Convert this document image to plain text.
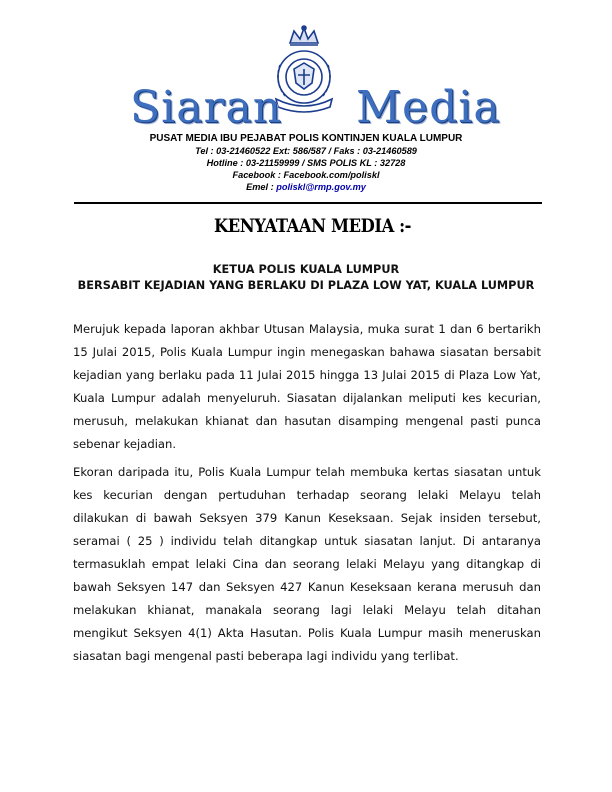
Siaran Media
PUSAT MEDIA IBU PEJABAT POLIS KONTINJEN KUALA LUMPUR
Tel : 03-21460522 Ext: 586/587 / Faks : 03-21460589
Hotline : 03-21159999 / SMS POLIS KL : 32728
Facebook : Facebook.com/poliskl
Emel : poliskl@rmp.gov.my
KENYATAAN MEDIA :-
KETUA POLIS KUALA LUMPUR
BERSABIT KEJADIAN YANG BERLAKU DI PLAZA LOW YAT, KUALA LUMPUR
Merujuk kepada laporan akhbar Utusan Malaysia, muka surat 1 dan 6 bertarikh 15 Julai 2015, Polis Kuala Lumpur ingin menegaskan bahawa siasatan bersabit kejadian yang berlaku pada 11 Julai 2015 hingga 13 Julai 2015 di Plaza Low Yat, Kuala Lumpur adalah menyeluruh. Siasatan dijalankan meliputi kes kecurian, merusuh, melakukan khianat dan hasutan disamping mengenal pasti punca sebenar kejadian.
Ekoran daripada itu, Polis Kuala Lumpur telah membuka kertas siasatan untuk kes kecurian dengan pertuduhan terhadap seorang lelaki Melayu telah dilakukan di bawah Seksyen 379 Kanun Keseksaan. Sejak insiden tersebut, seramai ( 25 ) individu telah ditangkap untuk siasatan lanjut. Di antaranya termasuklah empat lelaki Cina dan seorang lelaki Melayu yang ditangkap di bawah Seksyen 147 dan Seksyen 427 Kanun Keseksaan kerana merusuh dan melakukan khianat, manakala seorang lagi lelaki Melayu telah ditahan mengikut Seksyen 4(1) Akta Hasutan. Polis Kuala Lumpur masih meneruskan siasatan bagi mengenal pasti beberapa lagi individu yang terlibat.
